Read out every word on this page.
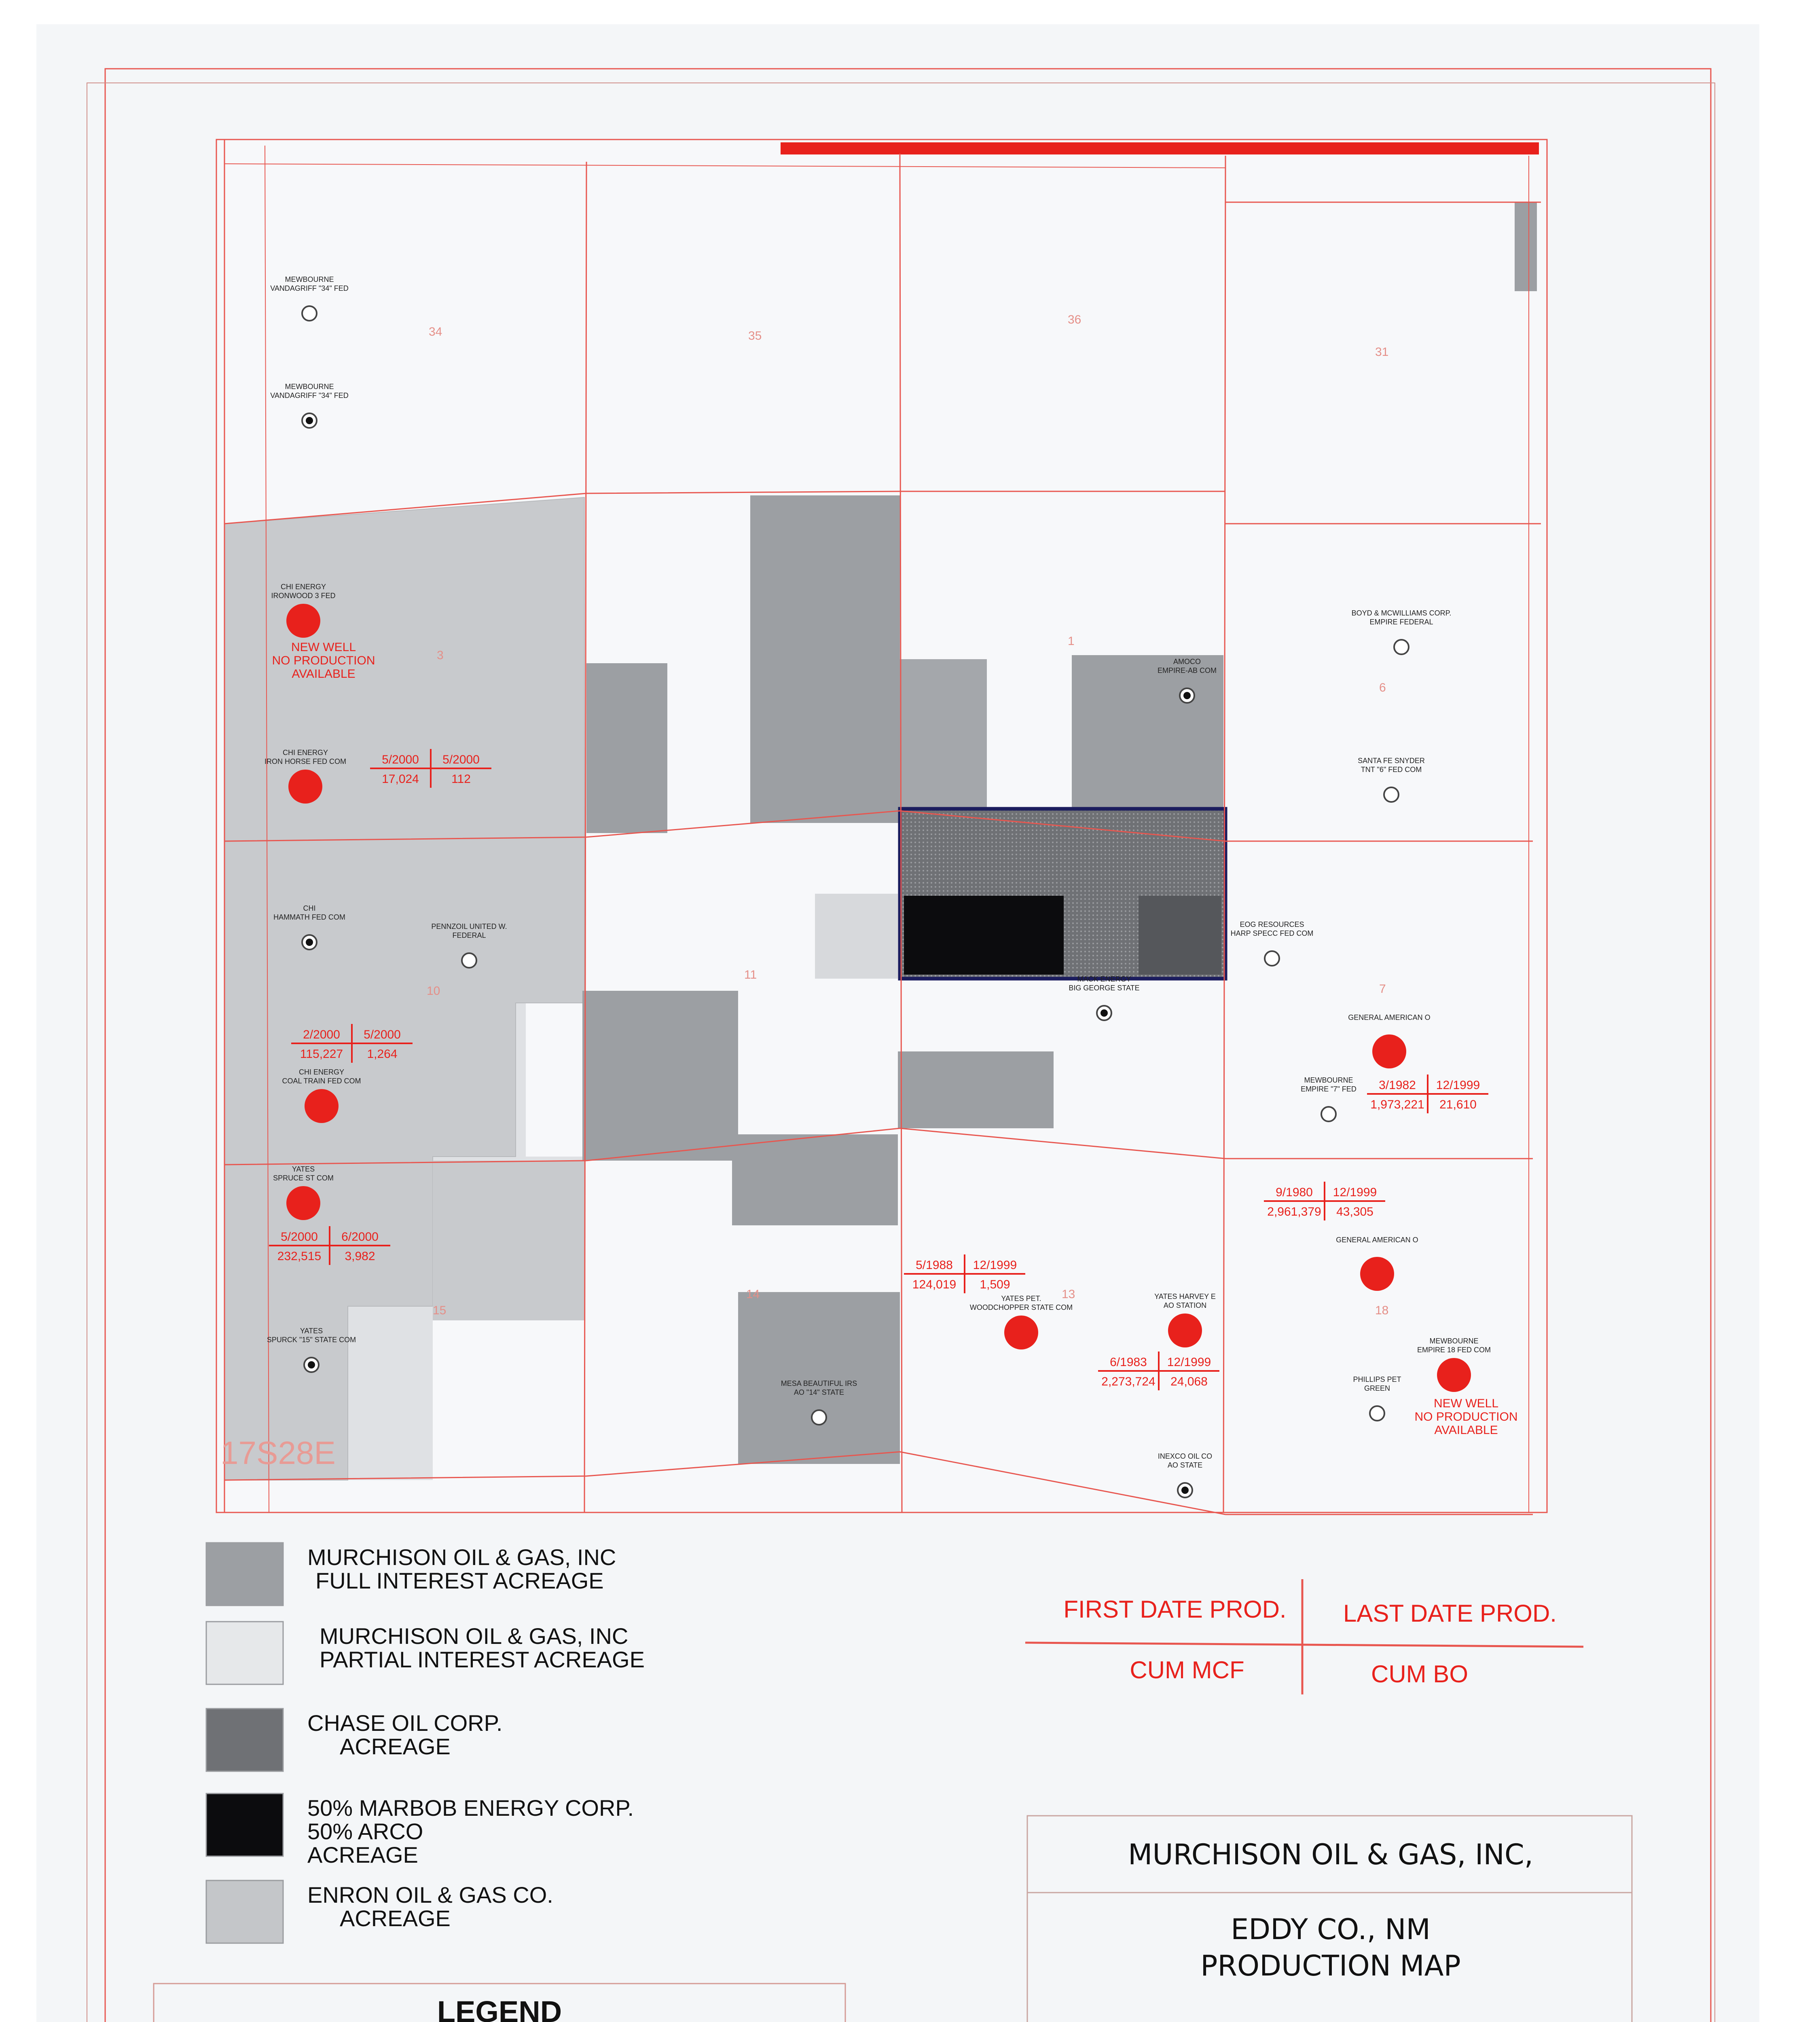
17S28E
34	35
36
31
3
1
6
10
11
7
15
14	13
18
MEWBOURNE
VANDAGRIFF "34" FED
MEWBOURNE
VANDAGRIFF "34" FED
CHI ENERGY
IRONWOOD 3 FED
CHI ENERGY
IRON HORSE FED COM
AMOCO
EMPIRE-AB COM
BOYD & MCWILLIAMS CORP.
EMPIRE FEDERAL
SANTA FE SNYDER
TNT "6" FED COM
CHI
HAMMATH FED COM
PENNZOIL UNITED W.
FEDERAL
EOG RESOURCES
HARP SPECC FED COM
MACK ENERGY
BIG GEORGE STATE
GENERAL AMERICAN O
MEWBOURNE
EMPIRE "7" FED
CHI ENERGY
COAL TRAIN FED COM
YATES
SPRUCE ST COM
GENERAL AMERICAN O
YATES PET.
WOODCHOPPER STATE COM
YATES HARVEY E
AO STATION
MEWBOURNE
EMPIRE 18 FED COM
YATES
SPURCK "15" STATE COM
PHILLIPS PET
GREEN
MESA BEAUTIFUL IRS
AO "14" STATE
INEXCO OIL CO
AO STATE
5/2000 5/2000
17,024	112
2/2000 5/2000
115,227 1,264
3/1982 12/1999
1,973,221 21,610
5/2000 6/2000
232,515 3,982
9/1980 12/1999
2,961,379 43,305
5/1988 12/1999
124,019 1,509
6/1983 12/1999
2,273,724 24,068
NEW WELL
NO PRODUCTION
AVAILABLE
NEW WELL
NO PRODUCTION
AVAILABLE
MURCHISON OIL & GAS, INC
FULL INTEREST ACREAGE
MURCHISON OIL & GAS, INC
PARTIAL INTEREST ACREAGE
CHASE OIL CORP.
ACREAGE
50% MARBOB ENERGY CORP.
50% ARCO
ACREAGE
ENRON OIL & GAS CO.
ACREAGE
LEGEND
FIRST DATE PROD. LAST DATE PROD.
CUM MCF	CUM BO
MURCHISON OIL & GAS, INC,
EDDY CO., NM
PRODUCTION MAP
